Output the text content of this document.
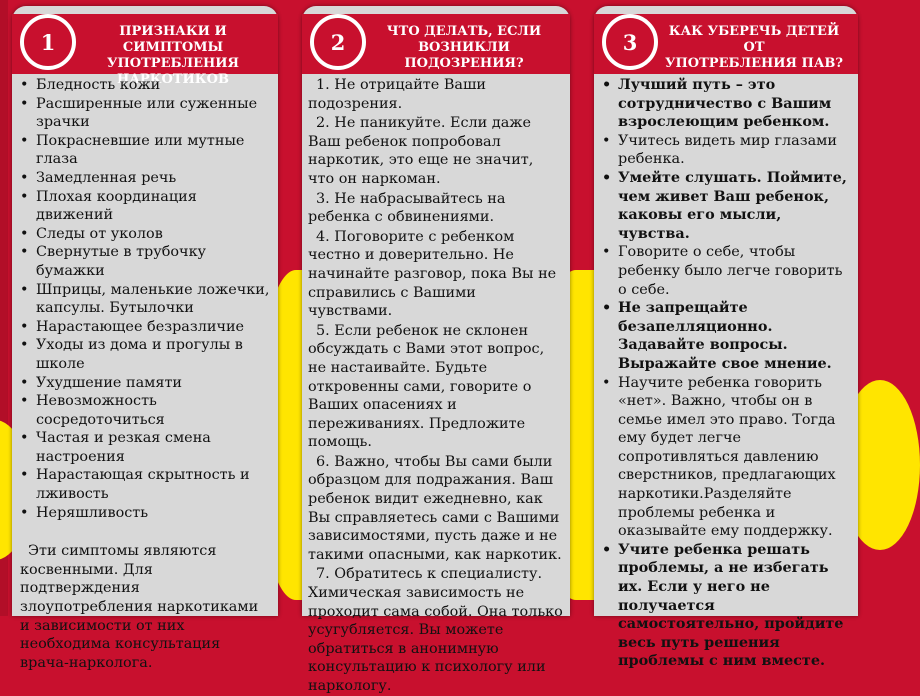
1	ПРИЗНАКИ И СИМПТОМЫ
УПОТРЕБЛЕНИЯ
НАРКОТИКОВ
• Бледность кожи
• Расширенные или суженные зрачки
• Покрасневшие или мутные глаза
• Замедленная речь
• Плохая координация движений
• Следы от уколов
• Свернутые в трубочку бумажки
• Шприцы, маленькие ложечки, капсулы. Бутылочки
• Нарастающее безразличие
• Уходы из дома и прогулы в школе
• Ухудшение памяти
• Невозможность сосредоточиться
• Частая и резкая смена настроения
• Нарастающая скрытность и лживость
• Неряшливость

Эти симптомы являются косвенными. Для подтверждения злоупотребления наркотиками и зависимости от них необходима консультация врача-нарколога.

2	ЧТО ДЕЛАТЬ, ЕСЛИ
ВОЗНИКЛИ ПОДОЗРЕНИЯ?

1. Не отрицайте Ваши подозрения.

2. Не паникуйте. Если даже Ваш ребенок попробовал наркотик, это еще не значит, что он наркоман.

3. Не набрасывайтесь на ребенка с обвинениями.

4. Поговорите с ребенком честно и доверительно. Не начинайте разговор, пока Вы не справились с Вашими чувствами.

5. Если ребенок не склонен обсуждать с Вами этот вопрос, не настаивайте. Будьте откровенны сами, говорите о Ваших опасениях и переживаниях. Предложите помощь.

6. Важно, чтобы Вы сами были образцом для подражания. Ваш ребенок видит ежедневно, как Вы справляетесь сами с Вашими зависимостями, пусть даже и не такими опасными, как наркотик.

7. Обратитесь к специалисту. Химическая зависимость не проходит сама собой. Она только усугубляется. Вы можете обратиться в анонимную консультацию к психологу или наркологу.

3	КАК УБЕРЕЧЬ ДЕТЕЙ ОТ
УПОТРЕБЛЕНИЯ ПАВ?
• Лучший путь – это сотрудничество с Вашим взрослеющим ребенком.
• Учитесь видеть мир глазами ребенка.
• Умейте слушать. Поймите, чем живет Ваш ребенок, каковы его мысли, чувства.
• Говорите о себе, чтобы ребенку было легче говорить о себе.
• Не запрещайте безапелляционно. Задавайте вопросы. Выражайте свое мнение.
• Научите ребенка говорить «нет». Важно, чтобы он в семье имел это право. Тогда ему будет легче сопротивляться давлению сверстников, предлагающих наркотики.Разделяйте проблемы ребенка и оказывайте ему поддержку.
• Учите ребенка решать проблемы, а не избегать их. Если у него не получается самостоятельно, пройдите весь путь решения проблемы с ним вместе.
